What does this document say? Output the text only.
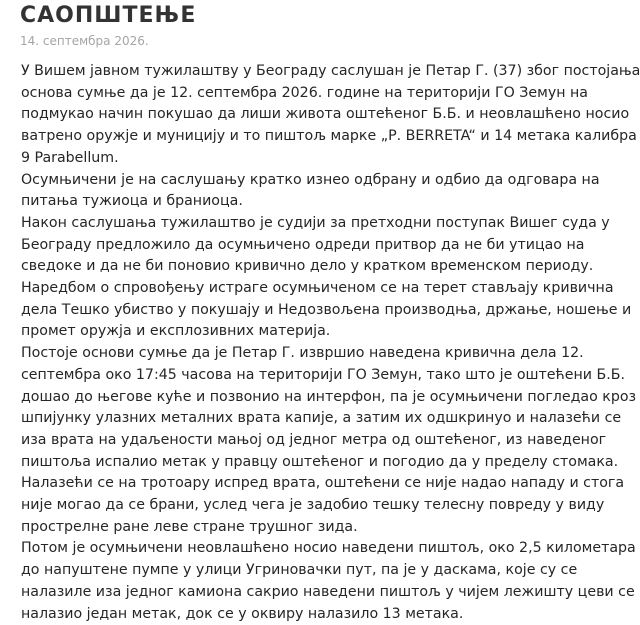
САОПШТЕЊЕ
14. септембра 2026.

У Вишем јавном тужилаштву у Београду саслушан је Петар Г. (37) због постојања
основа сумње да је 12. септембра 2026. године на територији ГО Земун на
подмукао начин покушао да лиши живота оштећеног Б.Б. и неовлашћено носио
ватрено оружје и муницију и то пиштољ марке „Р. BERRETA“ и 14 метака калибра
9 Parabellum.

Осумњичени је на саслушању кратко изнео одбрану и одбио да одговара на
питања тужиоца и браниоца.

Након саслушања тужилаштво је судији за претходни поступак Вишег суда у
Београду предложило да осумњичено одреди притвор да не би утицао на
сведоке и да не би поновио кривично дело у кратком временском периоду.

Наредбом о спровођењу истраге осумњиченом се на терет стављају кривична
дела Тешко убиство у покушају и Недозвољена производња, држање, ношење и
промет оружја и експлозивних материја.

Постоје основи сумње да је Петар Г. извршио наведена кривична дела 12.
септембра око 17:45 часова на територији ГО Земун, тако што је оштећени Б.Б.
дошао до његове куће и позвонио на интерфон, па је осумњичени погледао кроз
шпијунку улазних металних врата капије, а затим их одшкринуо и налазећи се
иза врата на удаљености мањој од једног метра од оштећеног, из наведеног
пиштоља испалио метак у правцу оштећеног и погодио да у пределу стомака.

Налазећи се на тротоару испред врата, оштећени се није надао нападу и стога
није могао да се брани, услед чега је задобио тешку телесну повреду у виду
прострелне ране леве стране трушног зида.

Потом је осумњичени неовлашћено носио наведени пиштољ, око 2,5 километара
до напуштене пумпе у улици Угриновачки пут, па је у даскама, које су се
налазиле иза једног камиона сакрио наведени пиштољ у чијем лежишту цеви се
налазио један метак, док се у оквиру налазило 13 метака.
